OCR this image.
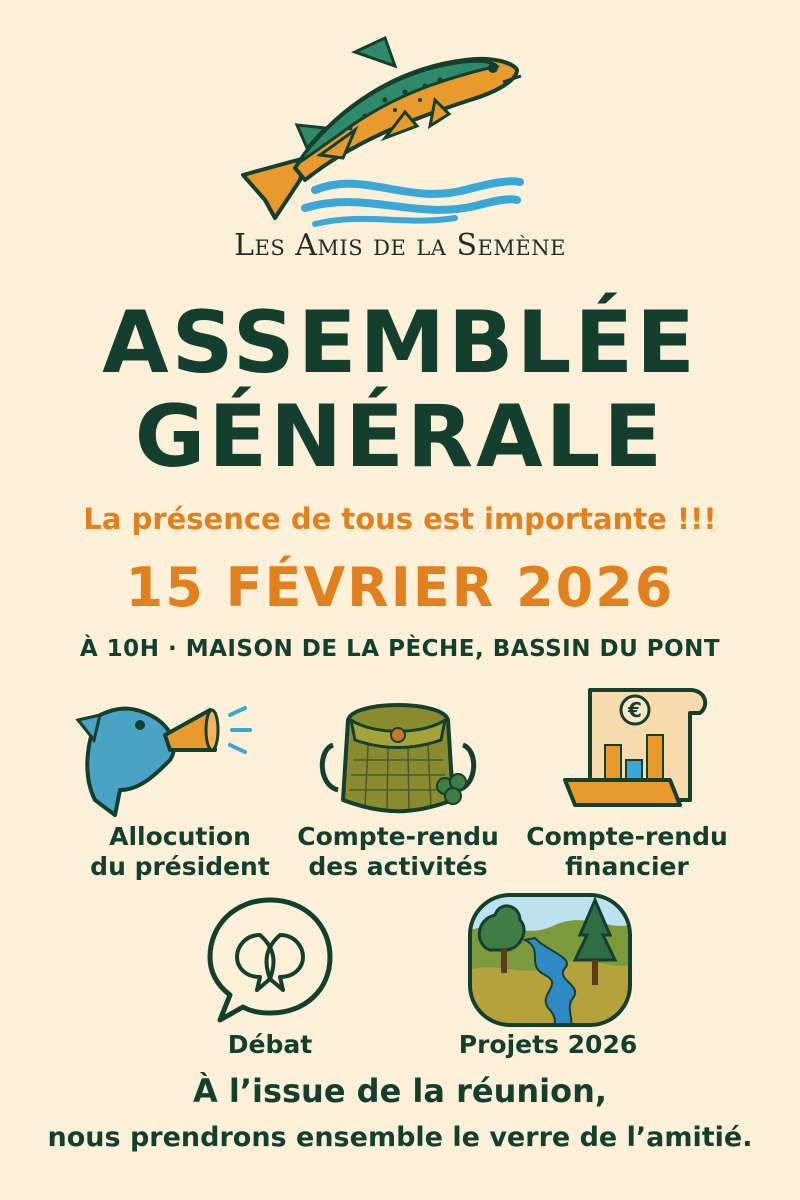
Les Amis de la Semène
ASSEMBLÉE
GÉNÉRALE
La présence de tous est importante !!!
15 FÉVRIER 2026
À 10H · MAISON DE LA PÈCHE, BASSIN DU PONT
Allocution
du président
Compte-rendu
des activités
€
Compte-rendu
financier
Débat	Projets 2026
À l’issue de la réunion,
nous prendrons ensemble le verre de l’amitié.
